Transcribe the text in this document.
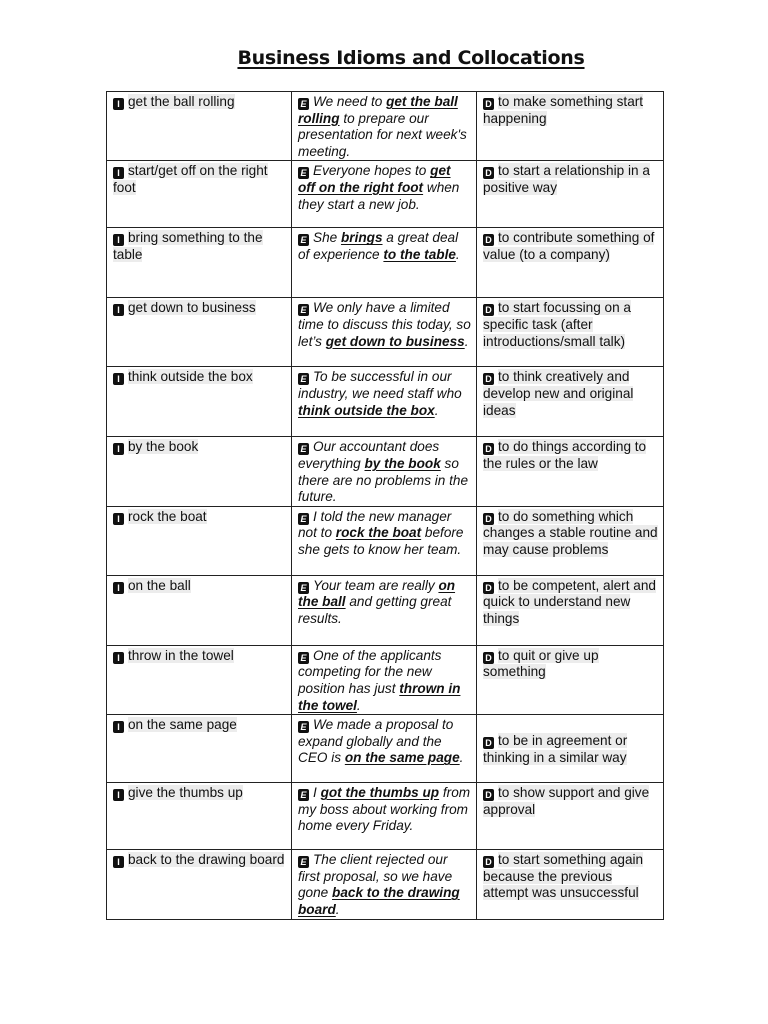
Business Idioms and Collocations
I get the ball rolling	E We need to get the ball rolling to prepare our presentation for next week's meeting.	D to make something start happening
I start/get off on the right foot	E Everyone hopes to get off on the right foot when they start a new job.	D to start a relationship in a positive way
I bring something to the table	E She brings a great deal of experience to the table.	D to contribute something of value (to a company)
I get down to business	E We only have a limited time to discuss this today, so let’s get down to business.	D to start focussing on a specific task (after introductions/small talk)
I think outside the box	E To be successful in our industry, we need staff who think outside the box.	D to think creatively and develop new and original ideas
I by the book	E Our accountant does everything by the book so there are no problems in the future.	D to do things according to the rules or the law
I rock the boat	E I told the new manager not to rock the boat before she gets to know her team.	D to do something which changes a stable routine and may cause problems
I on the ball	E Your team are really on the ball and getting great results.	D to be competent, alert and quick to understand new things
I throw in the towel	E One of the applicants competing for the new position has just thrown in the towel.	D to quit or give up something
I on the same page	E We made a proposal to expand globally and the CEO is on the same page.	D to be in agreement or thinking in a similar way

I give the thumbs up	E I got the thumbs up from my boss about working from home every Friday.	D to show support and give approval
I back to the drawing board	E The client rejected our first proposal, so we have gone back to the drawing board.	D to start something again because the previous attempt was unsuccessful
